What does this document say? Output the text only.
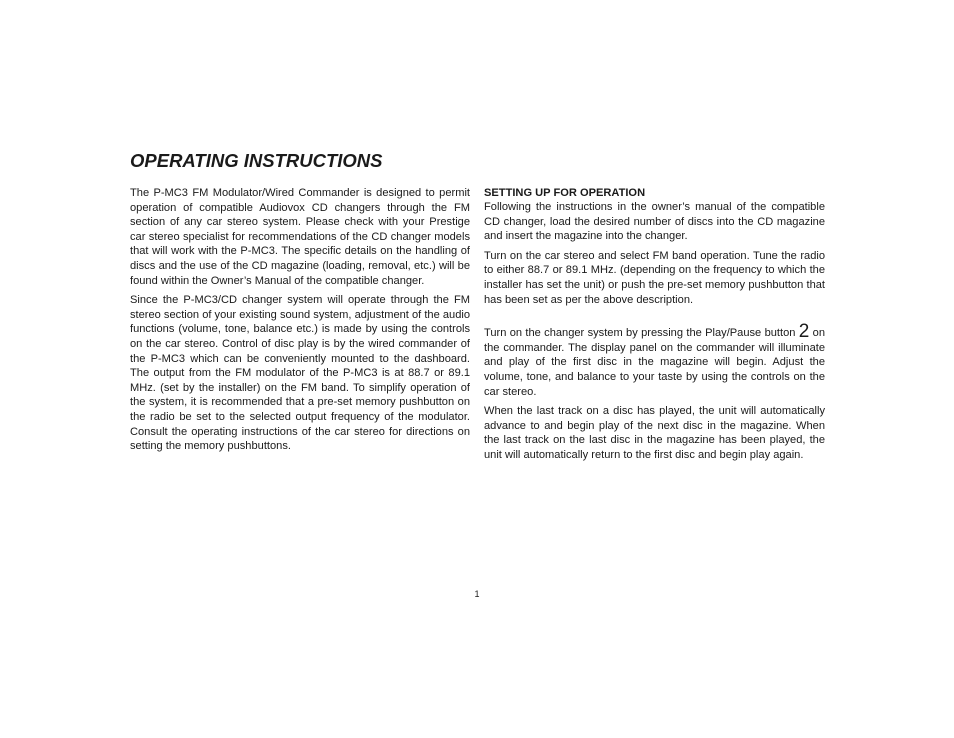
OPERATING INSTRUCTIONS

The P-MC3 FM Modulator/Wired Commander is designed to permit operation of compatible Audiovox CD changers through the FM section of any car stereo system. Please check with your Prestige car stereo specialist for recommendations of the CD changer models that will work with the P-MC3. The specific details on the handling of discs and the use of the CD magazine (loading, removal, etc.) will be found within the Owner’s Manual of the compatible changer.

Since the P-MC3/CD changer system will operate through the FM stereo section of your existing sound system, adjustment of the audio functions (volume, tone, balance etc.) is made by using the controls on the car stereo. Control of disc play is by the wired commander of the P-MC3 which can be conveniently mounted to the dashboard. The output from the FM modulator of the P-MC3 is at 88.7 or 89.1 MHz. (set by the installer) on the FM band. To simplify operation of the system, it is recommended that a pre-set memory pushbutton on the radio be set to the selected output frequency of the modulator. Consult the operating instructions of the car stereo for directions on setting the memory pushbuttons.

SETTING UP FOR OPERATION

Following the instructions in the owner’s manual of the compatible CD changer, load the desired number of discs into the CD magazine and insert the magazine into the changer.

Turn on the car stereo and select FM band operation. Tune the radio to either 88.7 or 89.1 MHz. (depending on the frequency to which the installer has set the unit) or push the pre-set memory pushbutton that has been set as per the above description.

Turn on the changer system by pressing the Play/Pause button 2 on the commander. The display panel on the commander will illuminate and play of the first disc in the magazine will begin. Adjust the volume, tone, and balance to your taste by using the controls on the car stereo.

When the last track on a disc has played, the unit will automatically advance to and begin play of the next disc in the magazine. When the last track on the last disc in the magazine has been played, the unit will automatically return to the first disc and begin play again.

1
